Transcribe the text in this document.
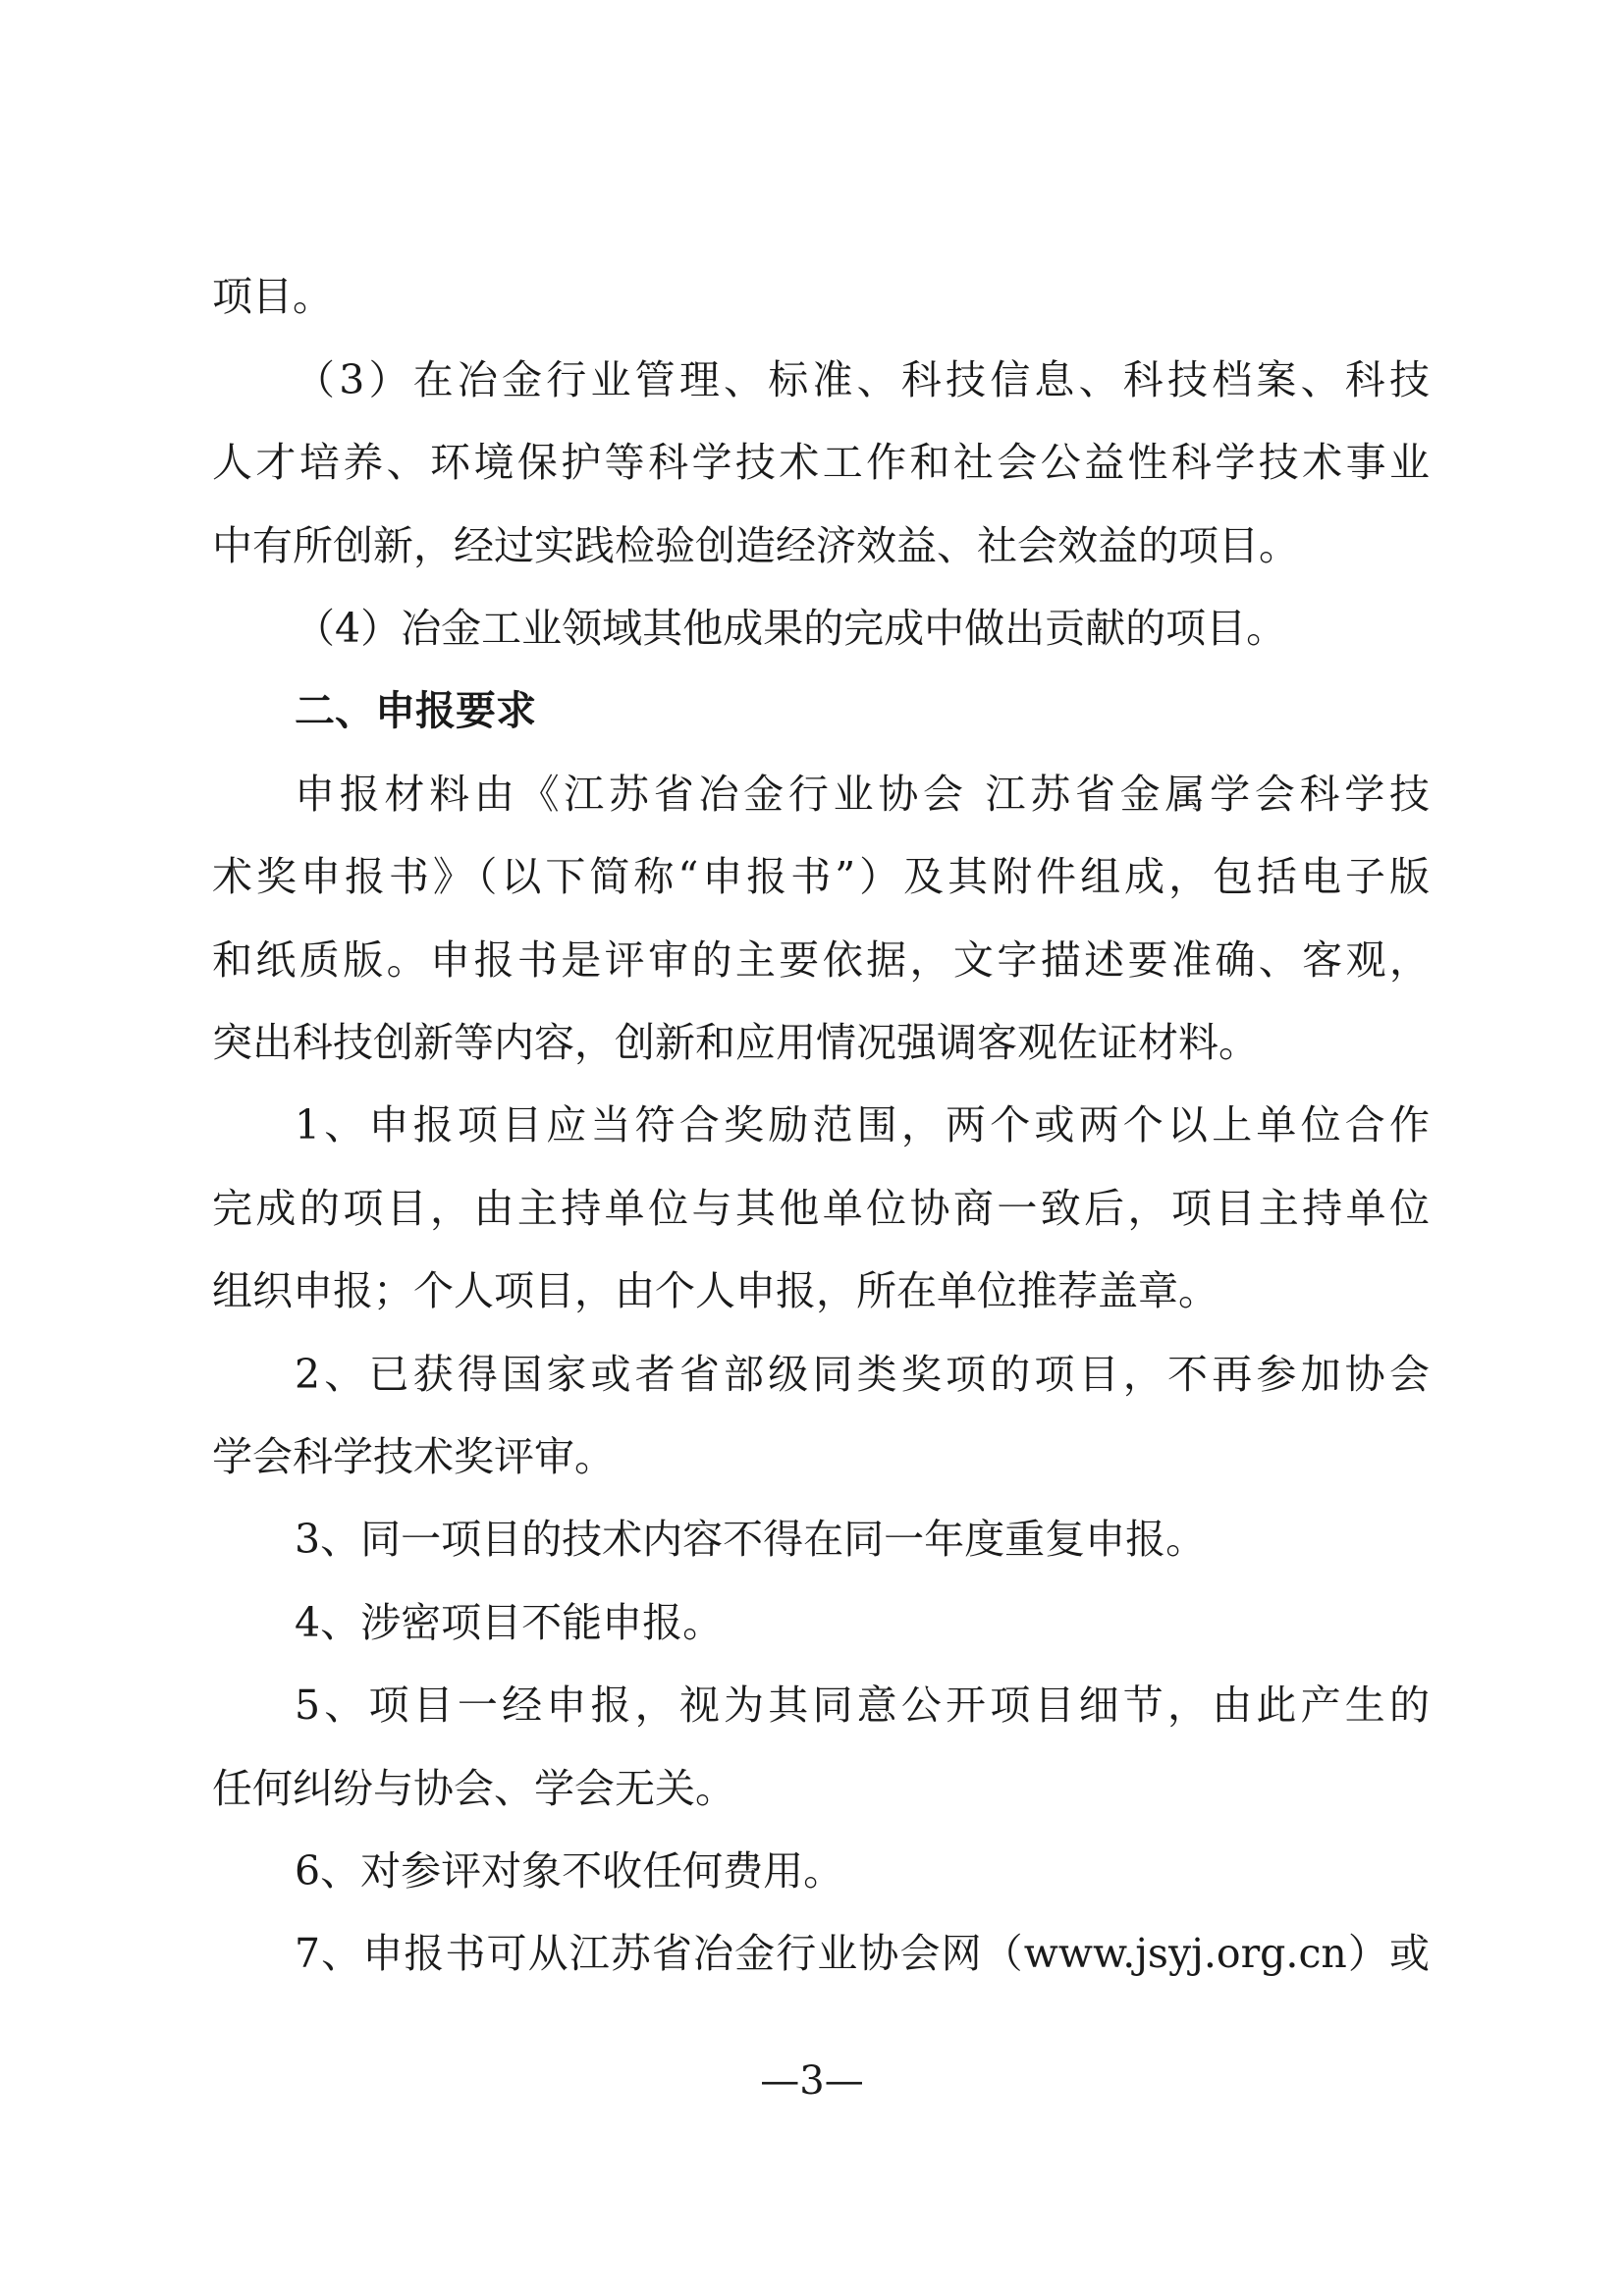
项目。
（3）在冶金行业管理、标准、科技信息、科技档案、科技
人才培养、环境保护等科学技术工作和社会公益性科学技术事业
中有所创新，经过实践检验创造经济效益、社会效益的项目。
（4）冶金工业领域其他成果的完成中做出贡献的项目。
二、申报要求
申报材料由《江苏省冶金行业协会 江苏省金属学会科学技
术奖申报书》（以下简称“申报书”）及其附件组成，包括电子版
和纸质版。申报书是评审的主要依据，文字描述要准确、客观，
突出科技创新等内容，创新和应用情况强调客观佐证材料。
1、申报项目应当符合奖励范围，两个或两个以上单位合作
完成的项目，由主持单位与其他单位协商一致后，项目主持单位
组织申报；个人项目，由个人申报，所在单位推荐盖章。
2、已获得国家或者省部级同类奖项的项目，不再参加协会
学会科学技术奖评审。
3、同一项目的技术内容不得在同一年度重复申报。
4、涉密项目不能申报。
5、项目一经申报，视为其同意公开项目细节，由此产生的
任何纠纷与协会、学会无关。
6、对参评对象不收任何费用。
7、申报书可从江苏省冶金行业协会网（www.jsyj.org.cn）或
—3—
